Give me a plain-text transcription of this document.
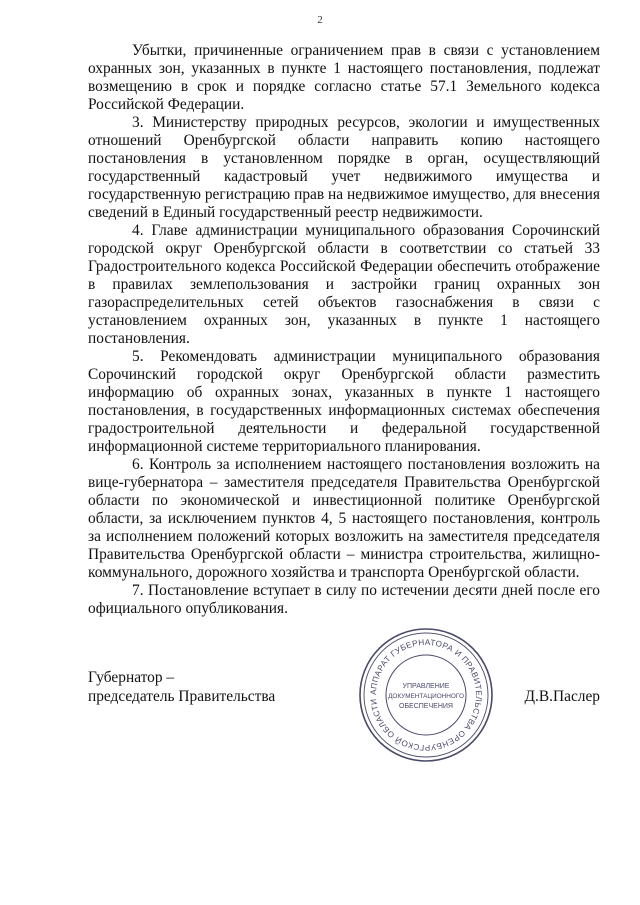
2

Убытки, причиненные ограничением прав в связи с установлением охранных зон, указанных в пункте 1 настоящего постановления, подлежат возмещению в срок и порядке согласно статье 57.1 Земельного кодекса Российской Федерации.

3. Министерству природных ресурсов, экологии и имущественных отношений Оренбургской области направить копию настоящего постановления в установленном порядке в орган, осуществляющий государственный кадастровый учет недвижимого имущества и государственную регистрацию прав на недвижимое имущество, для внесения сведений в Единый государственный реестр недвижимости.

4. Главе администрации муниципального образования Сорочинский городской округ Оренбургской области в соответствии со статьей 33 Градостроительного кодекса Российской Федерации обеспечить отображение в правилах землепользования и застройки границ охранных зон газораспределительных сетей объектов газоснабжения в связи с установлением охранных зон, указанных в пункте 1 настоящего постановления.

5. Рекомендовать администрации муниципального образования Сорочинский городской округ Оренбургской области разместить информацию об охранных зонах, указанных в пункте 1 настоящего постановления, в государственных информационных системах обеспечения градостроительной деятельности и федеральной государственной информационной системе территориального планирования.

6. Контроль за исполнением настоящего постановления возложить на вице-губернатора – заместителя председателя Правительства Оренбургской области по экономической и инвестиционной политике Оренбургской области, за исключением пунктов 4, 5 настоящего постановления, контроль за исполнением положений которых возложить на заместителя председателя Правительства Оренбургской области – министра строительства, жилищно-коммунального, дорожного хозяйства и транспорта Оренбургской области.

7. Постановление вступает в силу по истечении десяти дней после его официального опубликования.

Губернатор –
председатель Правительства	Д.В.Паслер
АППАРАТ ГУБЕРНАТОРА И ПРАВИТЕЛЬСТВА ОРЕНБУРГСКОЙ ОБЛАСТИ
УПРАВЛЕНИЕ
ДОКУМЕНТАЦИОННОГО
ОБЕСПЕЧЕНИЯ
